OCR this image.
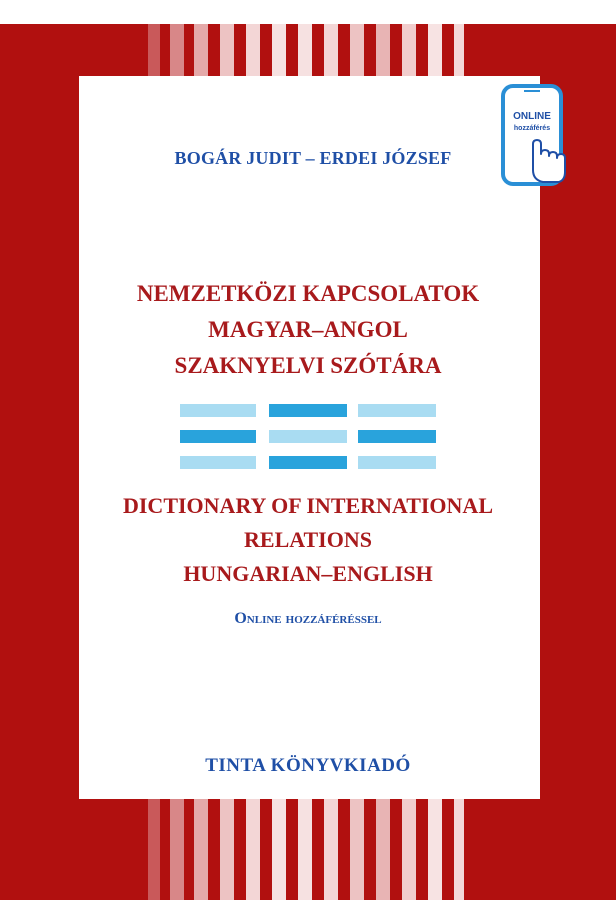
BOGÁR JUDIT – ERDEI JÓZSEF
NEMZETKÖZI KAPCSOLATOK
MAGYAR–ANGOL
SZAKNYELVI SZÓTÁRA
DICTIONARY OF INTERNATIONAL
RELATIONS
HUNGARIAN–ENGLISH
Online hozzáféréssel
TINTA KÖNYVKIADÓ
ONLINE
hozzáférés
